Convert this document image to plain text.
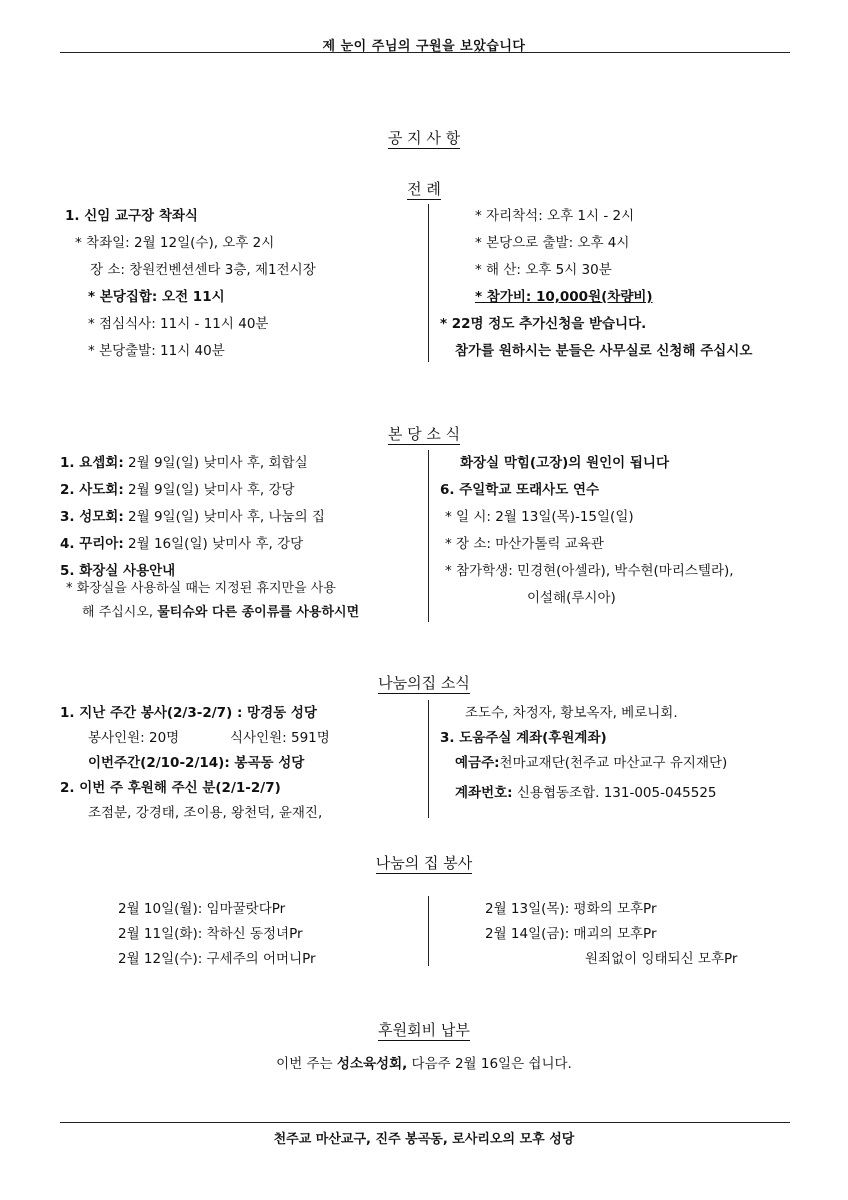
제 눈이 주님의 구원을 보았습니다
공 지 사 항
전 례
1. 신임 교구장 착좌식
* 착좌일: 2월 12일(수), 오후 2시
장 소: 창원컨벤션센타 3층, 제1전시장
* 본당집합: 오전 11시
* 점심식사: 11시 - 11시 40분
* 본당출발: 11시 40분
* 자리착석: 오후 1시 - 2시
* 본당으로 출발: 오후 4시
* 해 산: 오후 5시 30분
* 참가비: 10,000원(차량비)
* 22명 정도 추가신청을 받습니다.
참가를 원하시는 분들은 사무실로 신청해 주십시오
본 당 소 식
1. 요셉회: 2월 9일(일) 낮미사 후, 회합실
2. 사도회: 2월 9일(일) 낮미사 후, 강당
3. 성모회: 2월 9일(일) 낮미사 후, 나눔의 집
4. 꾸리아: 2월 16일(일) 낮미사 후, 강당
5. 화장실 사용안내
* 화장실을 사용하실 때는 지정된 휴지만을 사용
해 주십시오, 물티슈와 다른 종이류를 사용하시면
화장실 막힘(고장)의 원인이 됩니다
6. 주일학교 또래사도 연수
* 일 시: 2월 13일(목)-15일(일)
* 장 소: 마산가톨릭 교육관
* 참가학생: 민경현(아셀라), 박수현(마리스텔라),
이설해(루시아)
나눔의집 소식
1. 지난 주간 봉사(2/3-2/7) : 망경동 성당
봉사인원: 20명	식사인원: 591명
이번주간(2/10-2/14): 봉곡동 성당
2. 이번 주 후원해 주신 분(2/1-2/7)
조점분, 강경태, 조이용, 왕천덕, 윤재진,
조도수, 차정자, 황보옥자, 베로니회.
3. 도움주실 계좌(후원계좌)
예금주:천마교재단(천주교 마산교구 유지재단)
계좌번호: 신용협동조합. 131-005-045525
나눔의 집 봉사
2월 10일(월): 임마꿀랏다Pr
2월 11일(화): 착하신 동정녀Pr
2월 12일(수): 구세주의 어머니Pr
2월 13일(목): 평화의 모후Pr
2월 14일(금): 매괴의 모후Pr
원죄없이 잉태되신 모후Pr
후원회비 납부
이번 주는 성소육성회, 다음주 2월 16일은 쉽니다.
천주교 마산교구, 진주 봉곡동, 로사리오의 모후 성당
